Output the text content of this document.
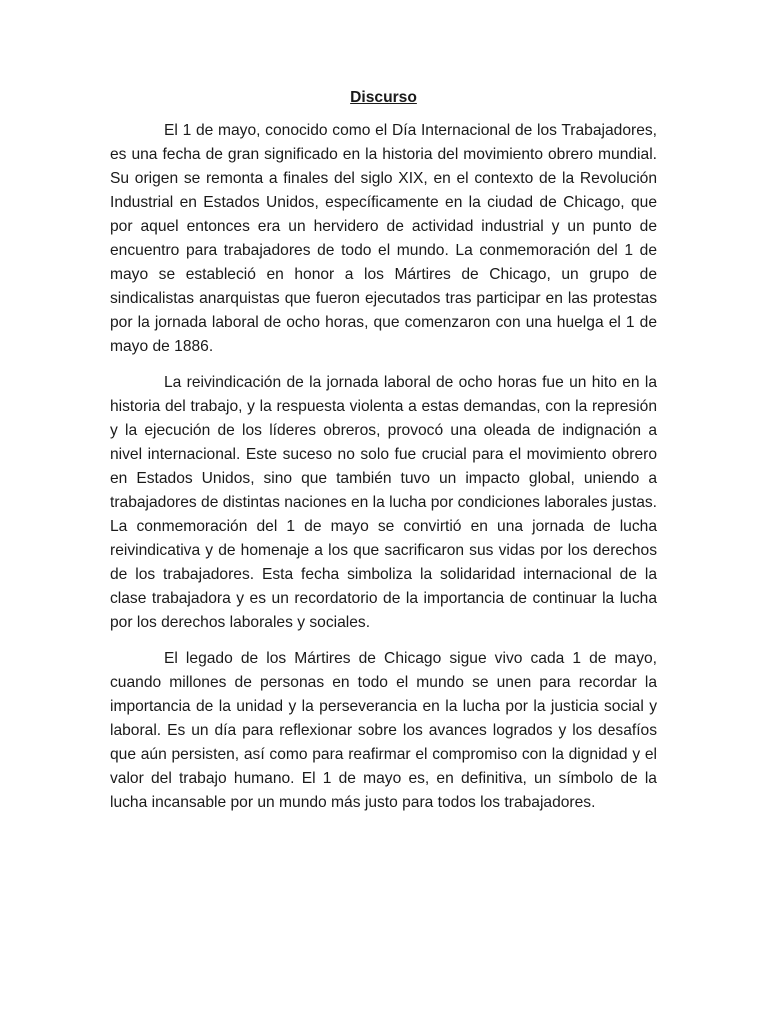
Discurso

El 1 de mayo, conocido como el Día Internacional de los Trabajadores, es una fecha de gran significado en la historia del movimiento obrero mundial. Su origen se remonta a finales del siglo XIX, en el contexto de la Revolución Industrial en Estados Unidos, específicamente en la ciudad de Chicago, que por aquel entonces era un hervidero de actividad industrial y un punto de encuentro para trabajadores de todo el mundo. La conmemoración del 1 de mayo se estableció en honor a los Mártires de Chicago, un grupo de sindicalistas anarquistas que fueron ejecutados tras participar en las protestas por la jornada laboral de ocho horas, que comenzaron con una huelga el 1 de mayo de 1886.

La reivindicación de la jornada laboral de ocho horas fue un hito en la historia del trabajo, y la respuesta violenta a estas demandas, con la represión y la ejecución de los líderes obreros, provocó una oleada de indignación a nivel internacional. Este suceso no solo fue crucial para el movimiento obrero en Estados Unidos, sino que también tuvo un impacto global, uniendo a trabajadores de distintas naciones en la lucha por condiciones laborales justas. La conmemoración del 1 de mayo se convirtió en una jornada de lucha reivindicativa y de homenaje a los que sacrificaron sus vidas por los derechos de los trabajadores. Esta fecha simboliza la solidaridad internacional de la clase trabajadora y es un recordatorio de la importancia de continuar la lucha por los derechos laborales y sociales.

El legado de los Mártires de Chicago sigue vivo cada 1 de mayo, cuando millones de personas en todo el mundo se unen para recordar la importancia de la unidad y la perseverancia en la lucha por la justicia social y laboral. Es un día para reflexionar sobre los avances logrados y los desafíos que aún persisten, así como para reafirmar el compromiso con la dignidad y el valor del trabajo humano. El 1 de mayo es, en definitiva, un símbolo de la lucha incansable por un mundo más justo para todos los trabajadores.
